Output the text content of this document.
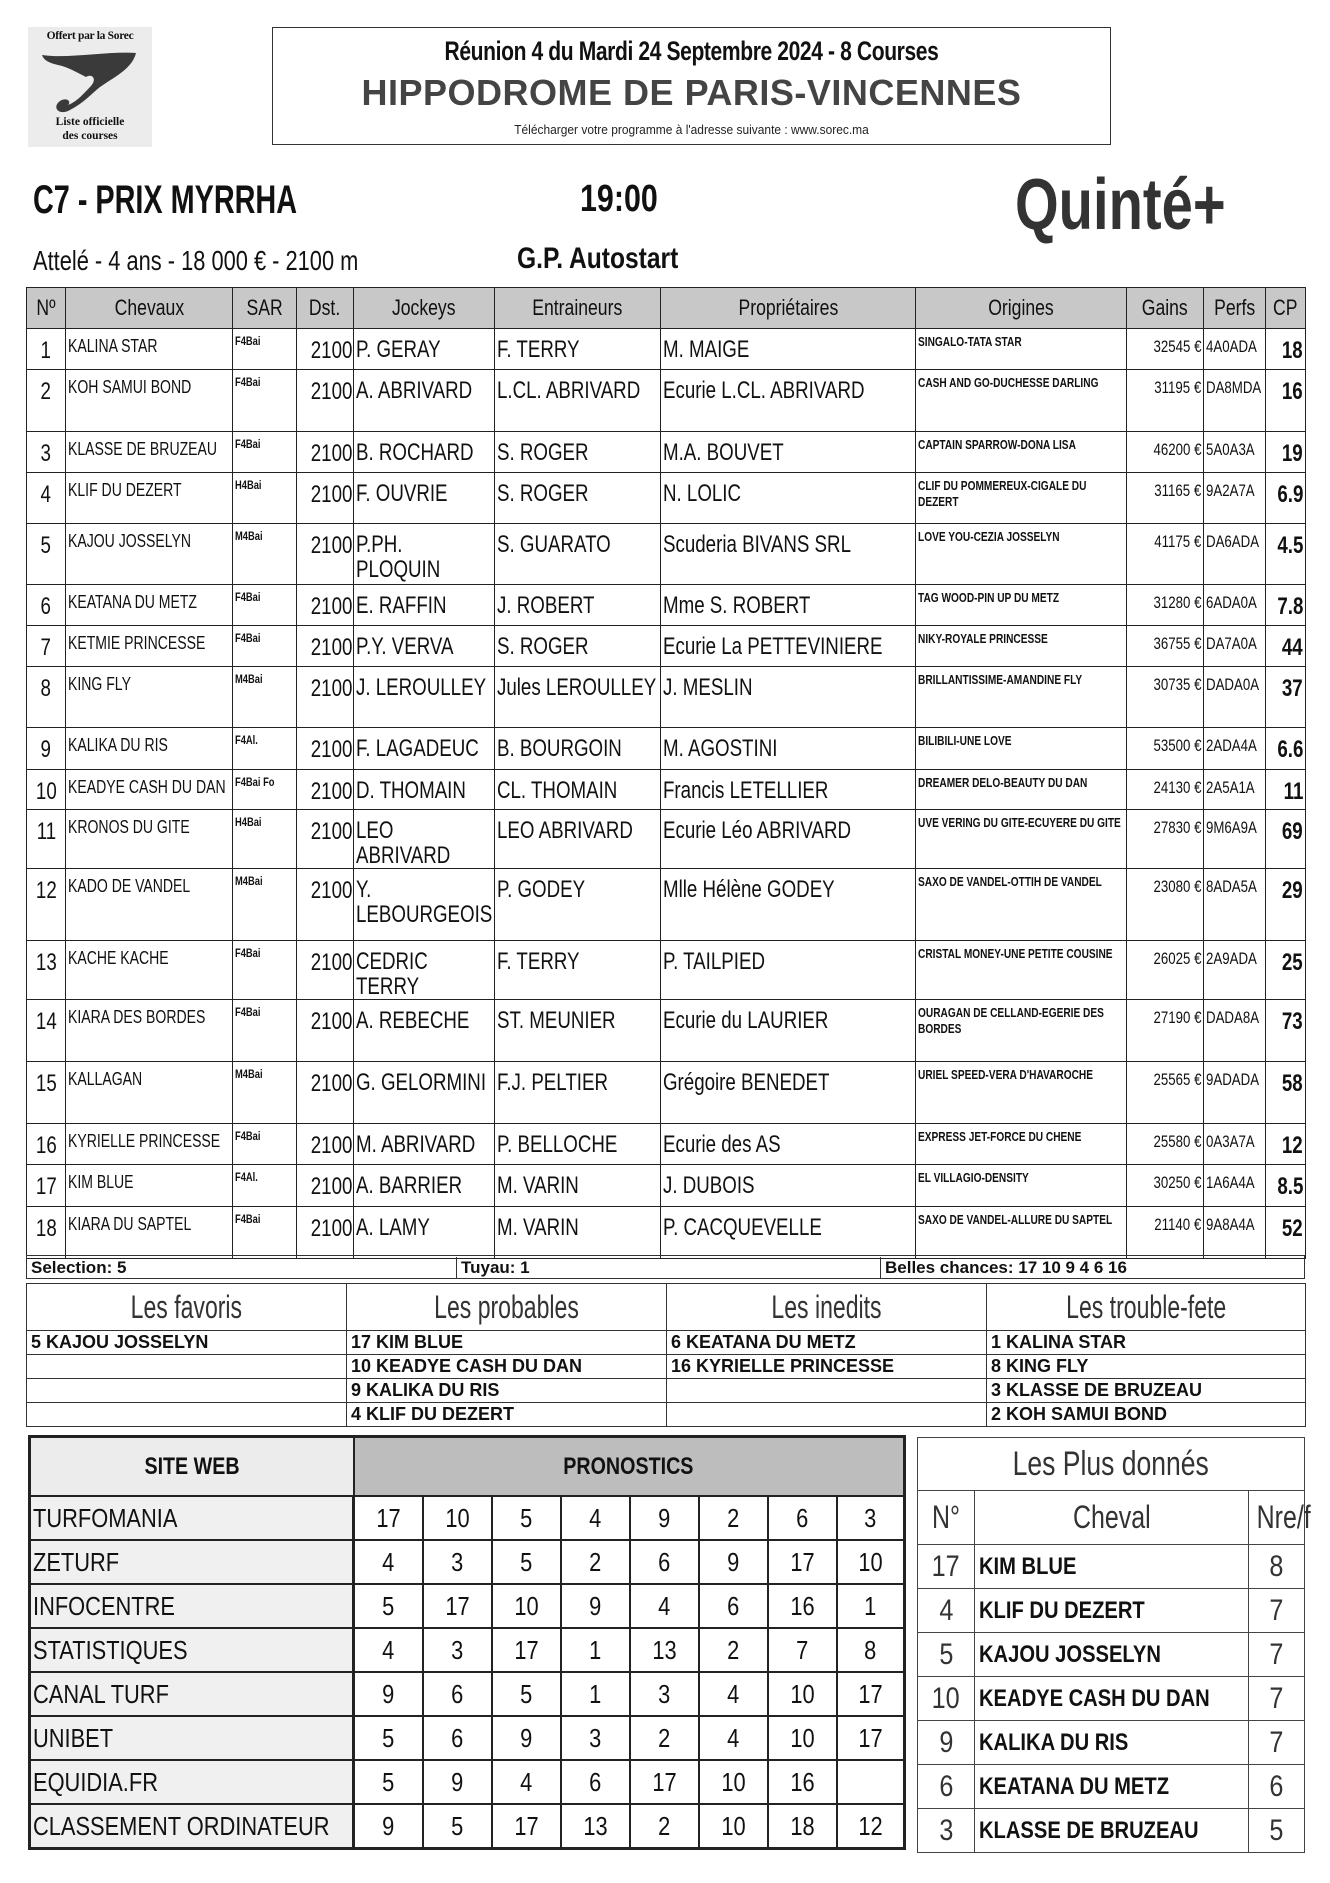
Offert par la Sorec
Liste officielle
des courses
Réunion 4 du Mardi 24 Septembre 2024 - 8 Courses
HIPPODROME DE PARIS-VINCENNES
Télécharger votre programme à l'adresse suivante : www.sorec.ma
C7 - PRIX MYRRHA	19:00	Quinté+
Attelé - 4 ans - 18 000 € - 2100 m	G.P. Autostart
Nº	Chevaux	SAR	Dst.	Jockeys	Entraineurs	Propriétaires	Origines	Gains	Perfs	CP
1	KALINA STAR	F4Bai	2100	P. GERAY	F. TERRY	M. MAIGE	SINGALO-TATA STAR	32545 €	4A0ADA	18
2	KOH SAMUI BOND	F4Bai	2100	A. ABRIVARD	L.CL. ABRIVARD	Ecurie L.CL. ABRIVARD	CASH AND GO-DUCHESSE DARLING	31195 €	DA8MDA	16
3	KLASSE DE BRUZEAU	F4Bai	2100	B. ROCHARD	S. ROGER	M.A. BOUVET	CAPTAIN SPARROW-DONA LISA	46200 €	5A0A3A	19
4	KLIF DU DEZERT	H4Bai	2100	F. OUVRIE	S. ROGER	N. LOLIC	CLIF DU POMMEREUX-CIGALE DU DEZERT	31165 €	9A2A7A	6.9
5	KAJOU JOSSELYN	M4Bai	2100	P.PH. PLOQUIN	S. GUARATO	Scuderia BIVANS SRL	LOVE YOU-CEZIA JOSSELYN	41175 €	DA6ADA	4.5
6	KEATANA DU METZ	F4Bai	2100	E. RAFFIN	J. ROBERT	Mme S. ROBERT	TAG WOOD-PIN UP DU METZ	31280 €	6ADA0A	7.8
7	KETMIE PRINCESSE	F4Bai	2100	P.Y. VERVA	S. ROGER	Ecurie La PETTEVINIERE	NIKY-ROYALE PRINCESSE	36755 €	DA7A0A	44
8	KING FLY	M4Bai	2100	J. LEROULLEY	Jules LEROULLEY	J. MESLIN	BRILLANTISSIME-AMANDINE FLY	30735 €	DADA0A	37
9	KALIKA DU RIS	F4Al.	2100	F. LAGADEUC	B. BOURGOIN	M. AGOSTINI	BILIBILI-UNE LOVE	53500 €	2ADA4A	6.6
10	KEADYE CASH DU DAN	F4Bai Fo	2100	D. THOMAIN	CL. THOMAIN	Francis LETELLIER	DREAMER DELO-BEAUTY DU DAN	24130 €	2A5A1A	11
11	KRONOS DU GITE	H4Bai	2100	LEO ABRIVARD	LEO ABRIVARD	Ecurie Léo ABRIVARD	UVE VERING DU GITE-ECUYERE DU GITE	27830 €	9M6A9A	69
12	KADO DE VANDEL	M4Bai	2100	Y. LEBOURGEOIS	P. GODEY	Mlle Hélène GODEY	SAXO DE VANDEL-OTTIH DE VANDEL	23080 €	8ADA5A	29
13	KACHE KACHE	F4Bai	2100	CEDRIC TERRY	F. TERRY	P. TAILPIED	CRISTAL MONEY-UNE PETITE COUSINE	26025 €	2A9ADA	25
14	KIARA DES BORDES	F4Bai	2100	A. REBECHE	ST. MEUNIER	Ecurie du LAURIER	OURAGAN DE CELLAND-EGERIE DES BORDES	27190 €	DADA8A	73
15	KALLAGAN	M4Bai	2100	G. GELORMINI	F.J. PELTIER	Grégoire BENEDET	URIEL SPEED-VERA D'HAVAROCHE	25565 €	9ADADA	58
16	KYRIELLE PRINCESSE	F4Bai	2100	M. ABRIVARD	P. BELLOCHE	Ecurie des AS	EXPRESS JET-FORCE DU CHENE	25580 €	0A3A7A	12
17	KIM BLUE	F4Al.	2100	A. BARRIER	M. VARIN	J. DUBOIS	EL VILLAGIO-DENSITY	30250 €	1A6A4A	8.5
18	KIARA DU SAPTEL	F4Bai	2100	A. LAMY	M. VARIN	P. CACQUEVELLE	SAXO DE VANDEL-ALLURE DU SAPTEL	21140 €	9A8A4A	52
Selection: 5	Tuyau: 1	Belles chances: 17 10 9 4 6 16
Les favoris	Les probables	Les inedits	Les trouble-fete
5 KAJOU JOSSELYN	17 KIM BLUE	6 KEATANA DU METZ	1 KALINA STAR
	10 KEADYE CASH DU DAN	16 KYRIELLE PRINCESSE	8 KING FLY
	9 KALIKA DU RIS		3 KLASSE DE BRUZEAU
	4 KLIF DU DEZERT		2 KOH SAMUI BOND
SITE WEB	PRONOSTICS							
TURFOMANIA	17	10	5	4	9	2	6	3
ZETURF	4	3	5	2	6	9	17	10
INFOCENTRE	5	17	10	9	4	6	16	1
STATISTIQUES	4	3	17	1	13	2	7	8
CANAL TURF	9	6	5	1	3	4	10	17
UNIBET	5	6	9	3	2	4	10	17
EQUIDIA.FR	5	9	4	6	17	10	16	
CLASSEMENT ORDINATEUR	9	5	17	13	2	10	18	12
Les Plus donnés		
N°	Cheval	Nre/f
17	KIM BLUE	8
4	KLIF DU DEZERT	7
5	KAJOU JOSSELYN	7
10	KEADYE CASH DU DAN	7
9	KALIKA DU RIS	7
6	KEATANA DU METZ	6
3	KLASSE DE BRUZEAU	5
